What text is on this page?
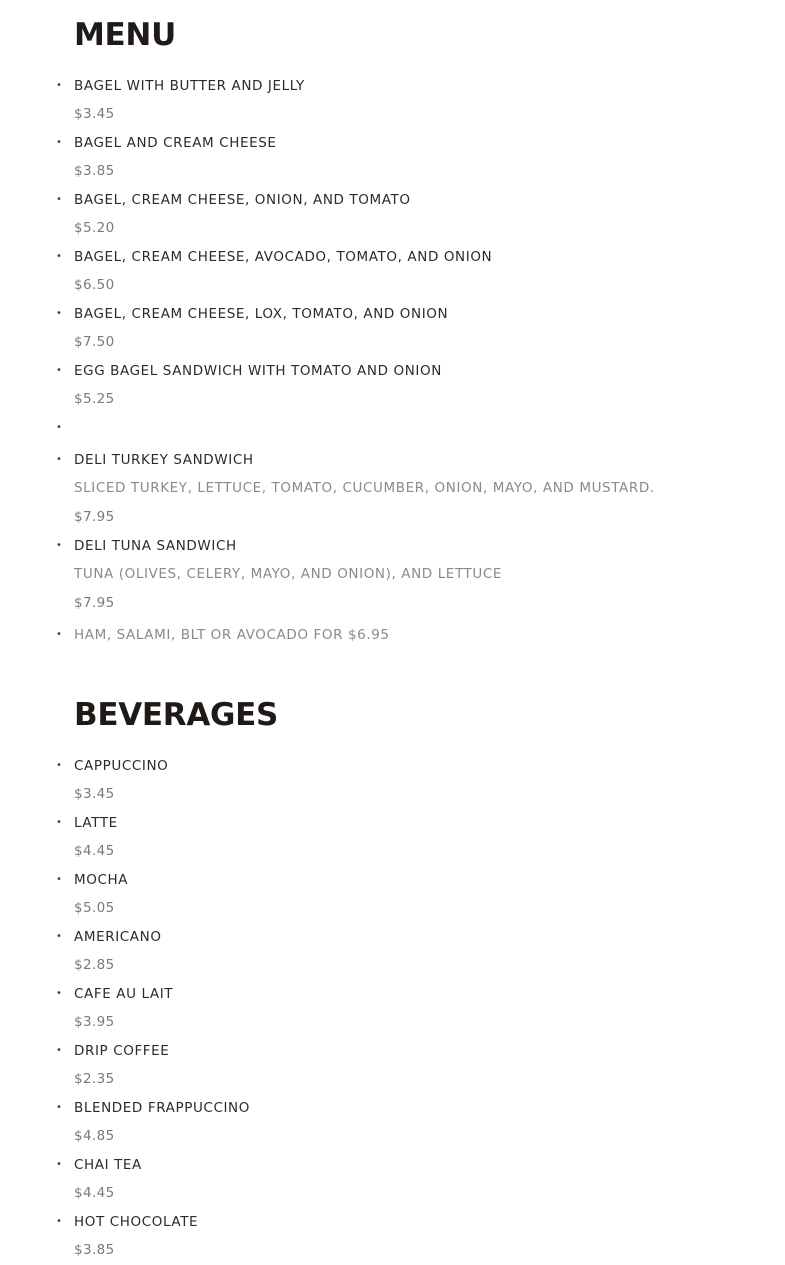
MENU
• BAGEL WITH BUTTER AND JELLY
$3.45
• BAGEL AND CREAM CHEESE
$3.85
• BAGEL, CREAM CHEESE, ONION, AND TOMATO
$5.20
• BAGEL, CREAM CHEESE, AVOCADO, TOMATO, AND ONION
$6.50
• BAGEL, CREAM CHEESE, LOX, TOMATO, AND ONION
$7.50
• EGG BAGEL SANDWICH WITH TOMATO AND ONION
$5.25
•
• DELI TURKEY SANDWICH
SLICED TURKEY, LETTUCE, TOMATO, CUCUMBER, ONION, MAYO, AND MUSTARD.
$7.95
• DELI TUNA SANDWICH
TUNA (OLIVES, CELERY, MAYO, AND ONION), AND LETTUCE
$7.95
• HAM, SALAMI, BLT OR AVOCADO FOR $6.95
BEVERAGES
• CAPPUCCINO
$3.45
• LATTE
$4.45
• MOCHA
$5.05
• AMERICANO
$2.85
• CAFE AU LAIT
$3.95
• DRIP COFFEE
$2.35
• BLENDED FRAPPUCCINO
$4.85
• CHAI TEA
$4.45
• HOT CHOCOLATE
$3.85
